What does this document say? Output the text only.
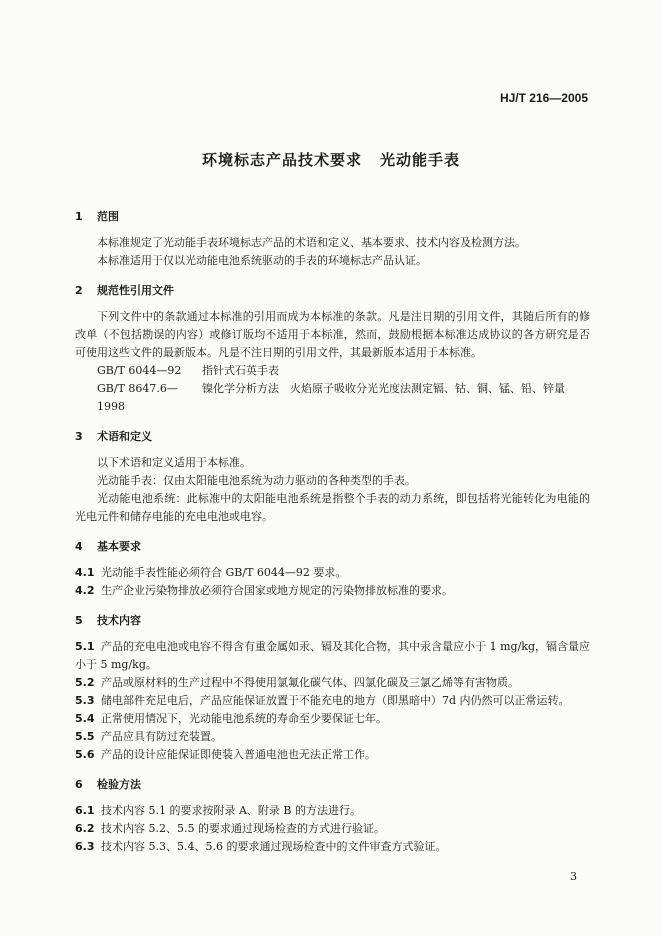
HJ/T 216—2005
环境标志产品技术要求 光动能手表

1 范围

本标准规定了光动能手表环境标志产品的术语和定义、基本要求、技术内容及检测方法。

本标准适用于仅以光动能电池系统驱动的手表的环境标志产品认证。

2 规范性引用文件

下列文件中的条款通过本标准的引用而成为本标准的条款。凡是注日期的引用文件，其随后所有的修改单（不包括勘误的内容）或修订版均不适用于本标准，然而，鼓励根据本标准达成协议的各方研究是否可使用这些文件的最新版本。凡是不注日期的引用文件，其最新版本适用于本标准。

GB/T 6044—92	指针式石英手表
GB/T 8647.6—1998
镍化学分析方法　火焰原子吸收分光光度法测定镉、钴、铜、锰、铅、锌量

3 术语和定义

以下术语和定义适用于本标准。

光动能手表：仅由太阳能电池系统为动力驱动的各种类型的手表。

光动能电池系统：此标准中的太阳能电池系统是指整个手表的动力系统，即包括将光能转化为电能的光电元件和储存电能的充电电池或电容。

4 基本要求

4.1 光动能手表性能必须符合 GB/T 6044—92 要求。

4.2 生产企业污染物排放必须符合国家或地方规定的污染物排放标准的要求。

5 技术内容

5.1 产品的充电电池或电容不得含有重金属如汞、镉及其化合物，其中汞含量应小于 1 mg/kg，镉含量应小于 5 mg/kg。

5.2 产品或原材料的生产过程中不得使用氯氟化碳气体、四氯化碳及三氯乙烯等有害物质。

5.3 储电部件充足电后，产品应能保证放置于不能充电的地方（即黑暗中）7d 内仍然可以正常运转。

5.4 正常使用情况下，光动能电池系统的寿命至少要保证七年。

5.5 产品应具有防过充装置。

5.6 产品的设计应能保证即使装入普通电池也无法正常工作。

6 检验方法

6.1 技术内容 5.1 的要求按附录 A、附录 B 的方法进行。

6.2 技术内容 5.2、5.5 的要求通过现场检查的方式进行验证。

6.3 技术内容 5.3、5.4、5.6 的要求通过现场检查中的文件审查方式验证。

3
